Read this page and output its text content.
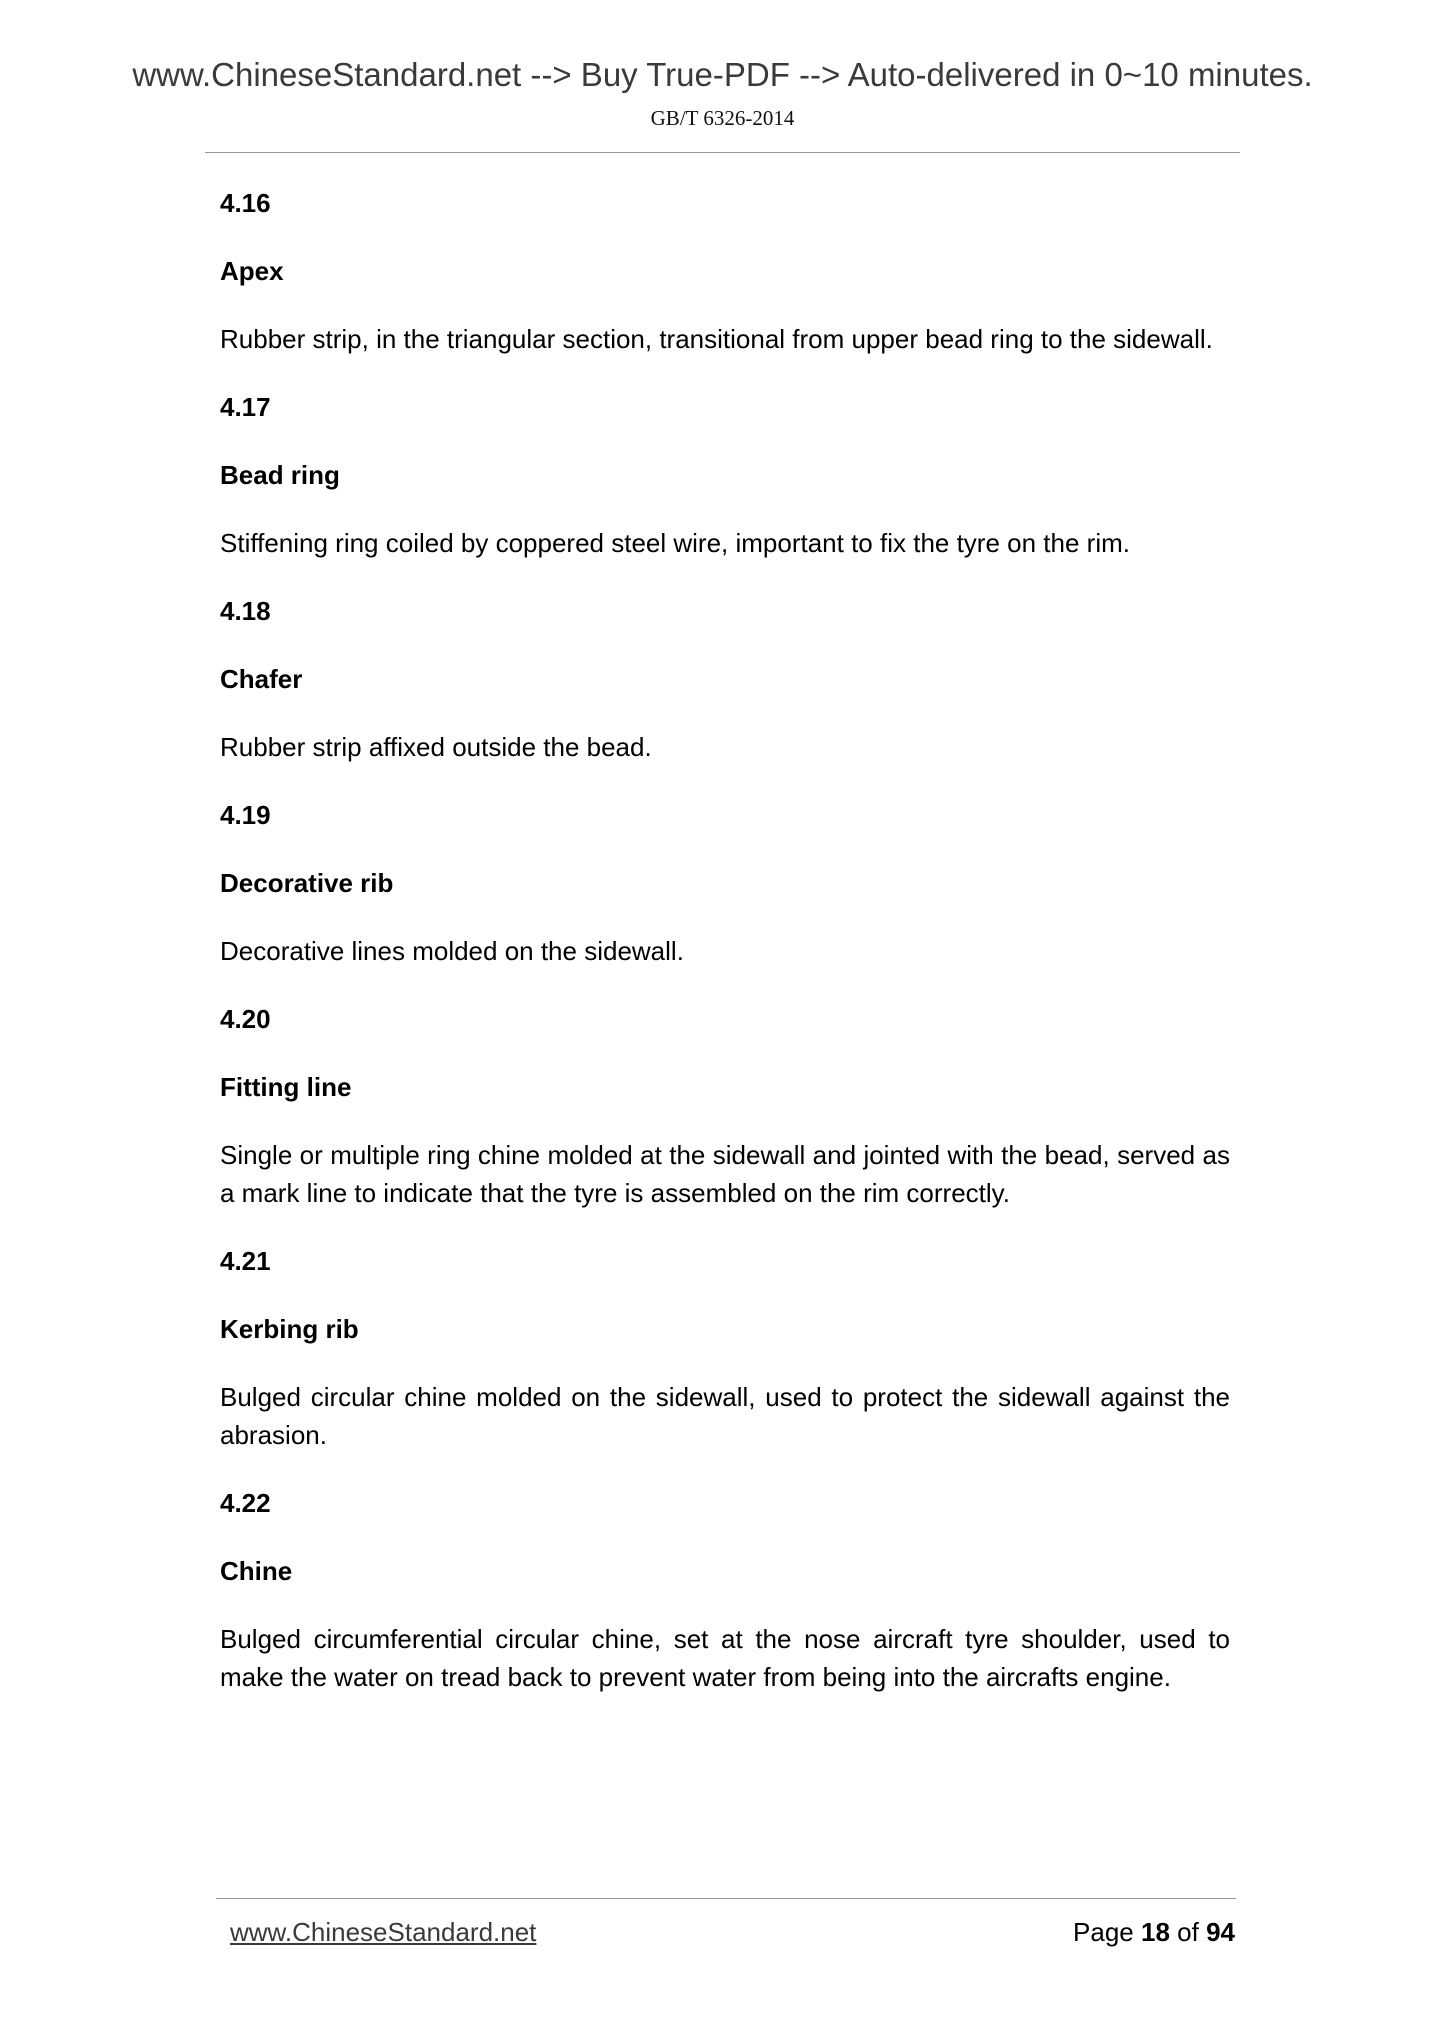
www.ChineseStandard.net --> Buy True-PDF --> Auto-delivered in 0~10 minutes.
GB/T 6326-2014

4.16

Apex

Rubber strip, in the triangular section, transitional from upper bead ring to the sidewall.

4.17

Bead ring

Stiffening ring coiled by coppered steel wire, important to fix the tyre on the rim.

4.18

Chafer

Rubber strip affixed outside the bead.

4.19

Decorative rib

Decorative lines molded on the sidewall.

4.20

Fitting line

Single or multiple ring chine molded at the sidewall and jointed with the bead, served as a mark line to indicate that the tyre is assembled on the rim correctly.

4.21

Kerbing rib

Bulged circular chine molded on the sidewall, used to protect the sidewall against the abrasion.

4.22

Chine

Bulged circumferential circular chine, set at the nose aircraft tyre shoulder, used to make the water on tread back to prevent water from being into the aircrafts engine.

www.ChineseStandard.net	Page 18 of 94
